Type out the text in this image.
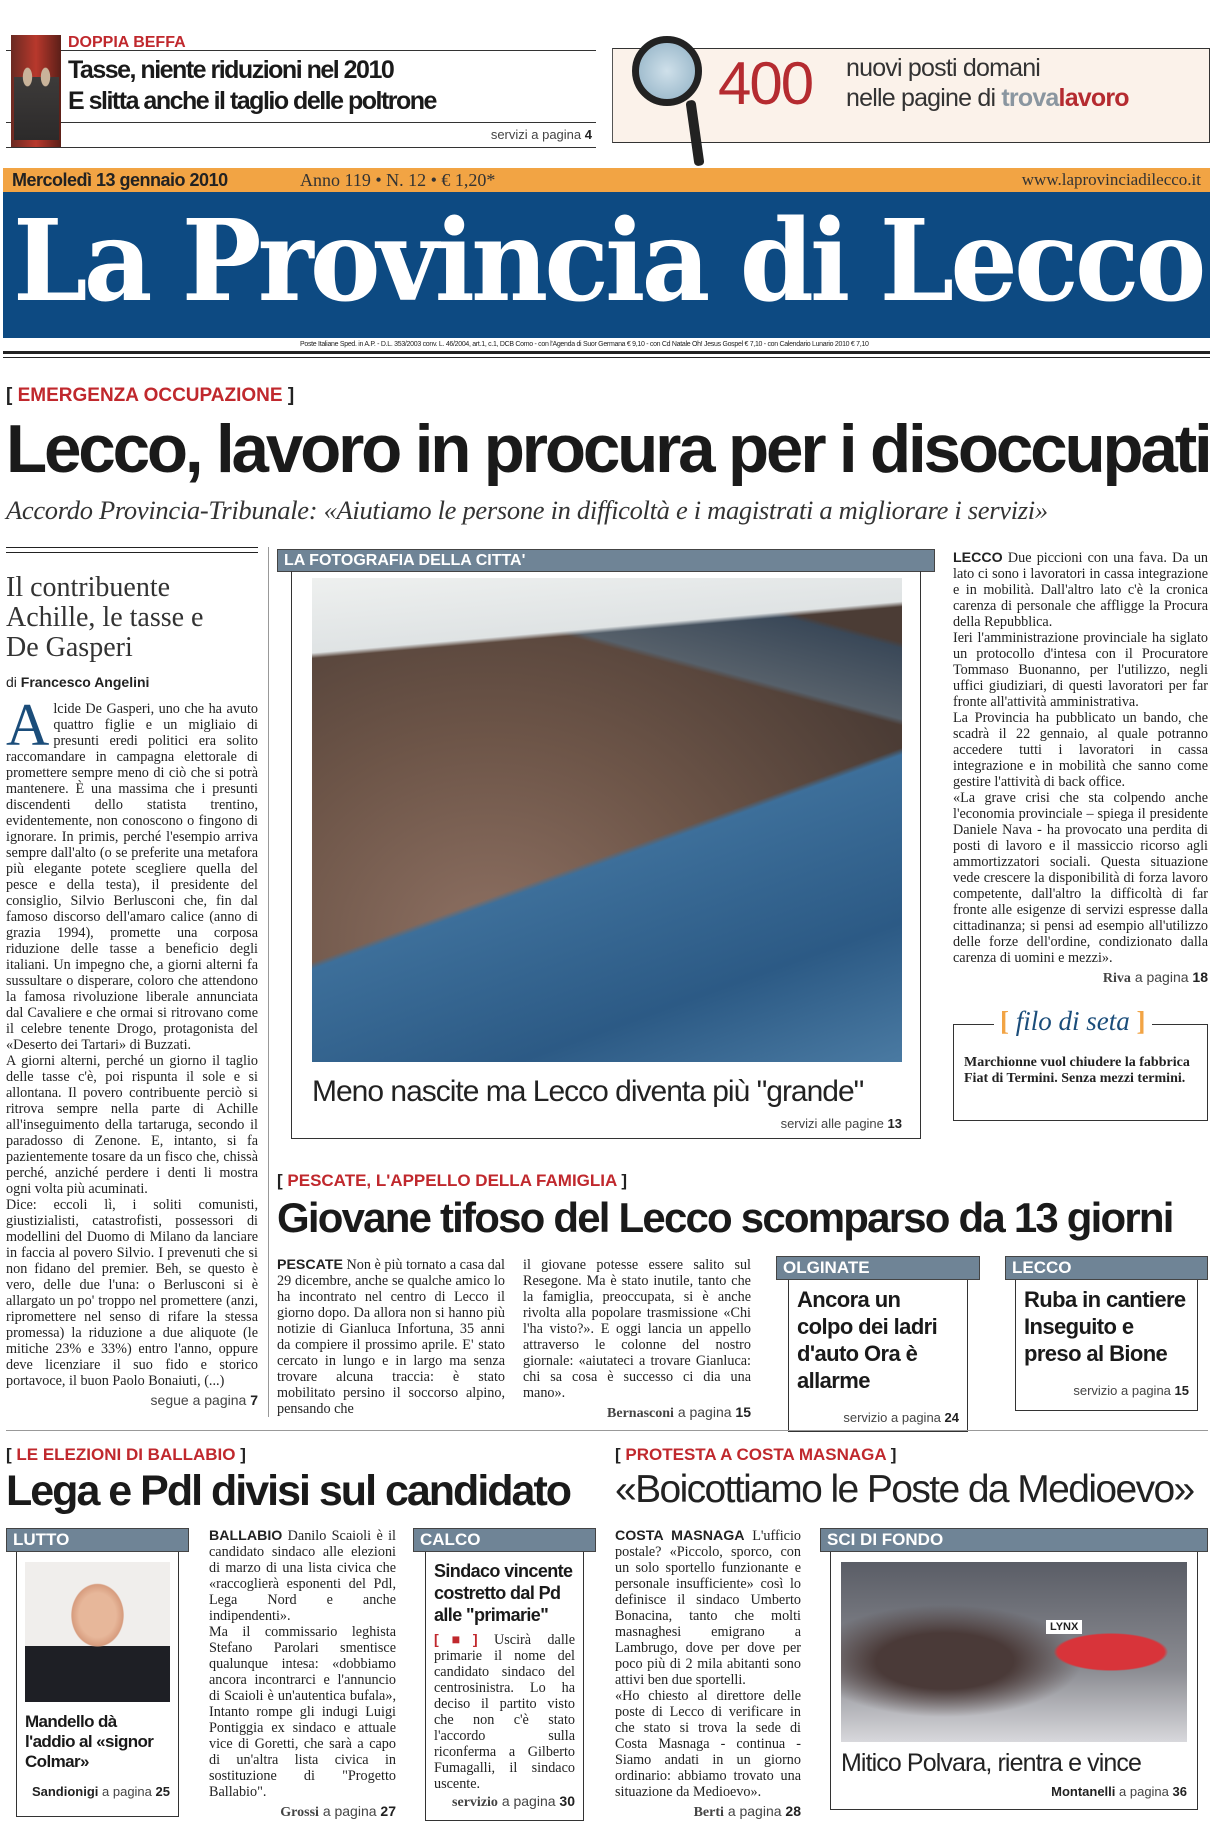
DOPPIA BEFFA
Tasse, niente riduzioni nel 2010
E slitta anche il taglio delle poltrone
servizi a pagina 4
400 nuovi posti domani
nelle pagine di trovalavoro
Mercoledì 13 gennaio 2010	Anno 119 • N. 12 • € 1,20*	www.laprovinciadilecco.it
La Provincia di Lecco
Poste Italiane Sped. in A.P. - D.L. 353/2003 conv. L. 46/2004, art.1, c.1, DCB Como - con l'Agenda di Suor Germana € 9,10 - con Cd Natale Oh! Jesus Gospel € 7,10 - con Calendario Lunario 2010 € 7,10
[ EMERGENZA OCCUPAZIONE ]
Lecco, lavoro in procura per i disoccupati
Accordo Provincia-Tribunale: «Aiutiamo le persone in difficoltà e i magistrati a migliorare i servizi»
Il contribuente Achille, le tasse e De Gasperi
di Francesco Angelini
A lcide De Gasperi, uno che ha avuto quattro figlie e un migliaio di presunti eredi politici era solito raccomandare in campagna elettorale di promettere sempre meno di ciò che si potrà mantenere. È una massima che i presunti discendenti dello statista trentino, evidentemente, non conoscono o fingono di ignorare. In primis, perché l'esempio arriva sempre dall'alto (o se preferite una metafora più elegante potete scegliere quella del pesce e della testa), il presidente del consiglio, Silvio Berlusconi che, fin dal famoso discorso dell'amaro calice (anno di grazia 1994), promette una corposa riduzione delle tasse a beneficio degli italiani. Un impegno che, a giorni alterni fa sussultare o disperare, coloro che attendono la famosa rivoluzione liberale annunciata dal Cavaliere e che ormai si ritrovano come il celebre tenente Drogo, protagonista del «Deserto dei Tartari» di Buzzati.
A giorni alterni, perché un giorno il taglio delle tasse c'è, poi rispunta il sole e si allontana. Il povero contribuente perciò si ritrova sempre nella parte di Achille all'inseguimento della tartaruga, secondo il paradosso di Zenone. E, intanto, si fa pazientemente tosare da un fisco che, chissà perché, anziché perdere i denti li mostra ogni volta più acuminati.
Dice: eccoli lì, i soliti comunisti, giustizialisti, catastrofisti, possessori di modellini del Duomo di Milano da lanciare in faccia al povero Silvio. I prevenuti che si non fidano del premier. Beh, se questo è vero, delle due l'una: o Berlusconi si è allargato un po' troppo nel promettere (anzi, ripromettere nel senso di rifare la stessa promessa) la riduzione a due aliquote (le mitiche 23% e 33%) entro l'anno, oppure deve licenziare il suo fido e storico portavoce, il buon Paolo Bonaiuti, (...)
segue a pagina 7
LA FOTOGRAFIA DELLA CITTA'
Meno nascite ma Lecco diventa più "grande"
servizi alle pagine 13
LECCO Due piccioni con una fava. Da un lato ci sono i lavoratori in cassa integrazione e in mobilità. Dall'altro lato c'è la cronica carenza di personale che affligge la Procura della Repubblica.
Ieri l'amministrazione provinciale ha siglato un protocollo d'intesa con il Procuratore Tommaso Buonanno, per l'utilizzo, negli uffici giudiziari, di questi lavoratori per far fronte all'attività amministrativa.
La Provincia ha pubblicato un bando, che scadrà il 22 gennaio, al quale potranno accedere tutti i lavoratori in cassa integrazione e in mobilità che sanno come gestire l'attività di back office.
«La grave crisi che sta colpendo anche l'economia provinciale – spiega il presidente Daniele Nava - ha provocato una perdita di posti di lavoro e il massiccio ricorso agli ammortizzatori sociali. Questa situazione vede crescere la disponibilità di forza lavoro competente, dall'altro la difficoltà di far fronte alle esigenze di servizi espresse dalla cittadinanza; si pensi ad esempio all'utilizzo delle forze dell'ordine, condizionato dalla carenza di uomini e mezzi».
Riva a pagina 18
[ filo di seta ]
Marchionne vuol chiudere la fabbrica Fiat di Termini. Senza mezzi termini.
[ PESCATE, L'APPELLO DELLA FAMIGLIA ]
Giovane tifoso del Lecco scomparso da 13 giorni
PESCATE Non è più tornato a casa dal 29 dicembre, anche se qualche amico lo ha incontrato nel centro di Lecco il giorno dopo. Da allora non si hanno più notizie di Gianluca Infortuna, 35 anni da compiere il prossimo aprile. E' stato cercato in lungo e in largo ma senza trovare alcuna traccia: è stato mobilitato persino il soccorso alpino, pensando che
il giovane potesse essere salito sul Resegone. Ma è stato inutile, tanto che la famiglia, preoccupata, si è anche rivolta alla popolare trasmissione «Chi l'ha visto?». E oggi lancia un appello attraverso le colonne del nostro giornale: «aiutateci a trovare Gianluca: chi sa cosa è successo ci dia una mano».
Bernasconi a pagina 15
OLGINATE
Ancora un colpo dei ladri d'auto Ora è allarme
servizio a pagina 24
LECCO
Ruba in cantiere Inseguito e preso al Bione
servizio a pagina 15
[ LE ELEZIONI DI BALLABIO ]
Lega e Pdl divisi sul candidato
[ PROTESTA A COSTA MASNAGA ]
«Boicottiamo le Poste da Medioevo»
LUTTO
Mandello dà l'addio al «signor Colmar»
Sandionigi a pagina 25
BALLABIO Danilo Scaioli è il candidato sindaco alle elezioni di marzo di una lista civica che «raccoglierà esponenti del Pdl, Lega Nord e anche indipendenti».
Ma il commissario leghista Stefano Parolari smentisce qualunque intesa: «dobbiamo ancora incontrarci e l'annuncio di Scaioli è un'autentica bufala», Intanto rompe gli indugi Luigi Pontiggia ex sindaco e attuale vice di Goretti, che sarà a capo di un'altra lista civica in sostituzione di "Progetto Ballabio".
Grossi a pagina 27
CALCO
Sindaco vincente costretto dal Pd alle "primarie"
[■] Uscirà dalle primarie il nome del candidato sindaco del centrosinistra. Lo ha deciso il partito visto che non c'è stato l'accordo sulla riconferma a Gilberto Fumagalli, il sindaco uscente.
servizio a pagina 30
COSTA MASNAGA L'ufficio postale? «Piccolo, sporco, con un solo sportello funzionante e personale insufficiente» così lo definisce il sindaco Umberto Bonacina, tanto che molti masnaghesi emigrano a Lambrugo, dove per dove per poco più di 2 mila abitanti sono attivi ben due sportelli.
«Ho chiesto al direttore delle poste di Lecco di verificare in che stato si trova la sede di Costa Masnaga - continua - Siamo andati in un giorno ordinario: abbiamo trovato una situazione da Medioevo».
Berti a pagina 28
SCI DI FONDO
LYNX
Mitico Polvara, rientra e vince
Montanelli a pagina 36
